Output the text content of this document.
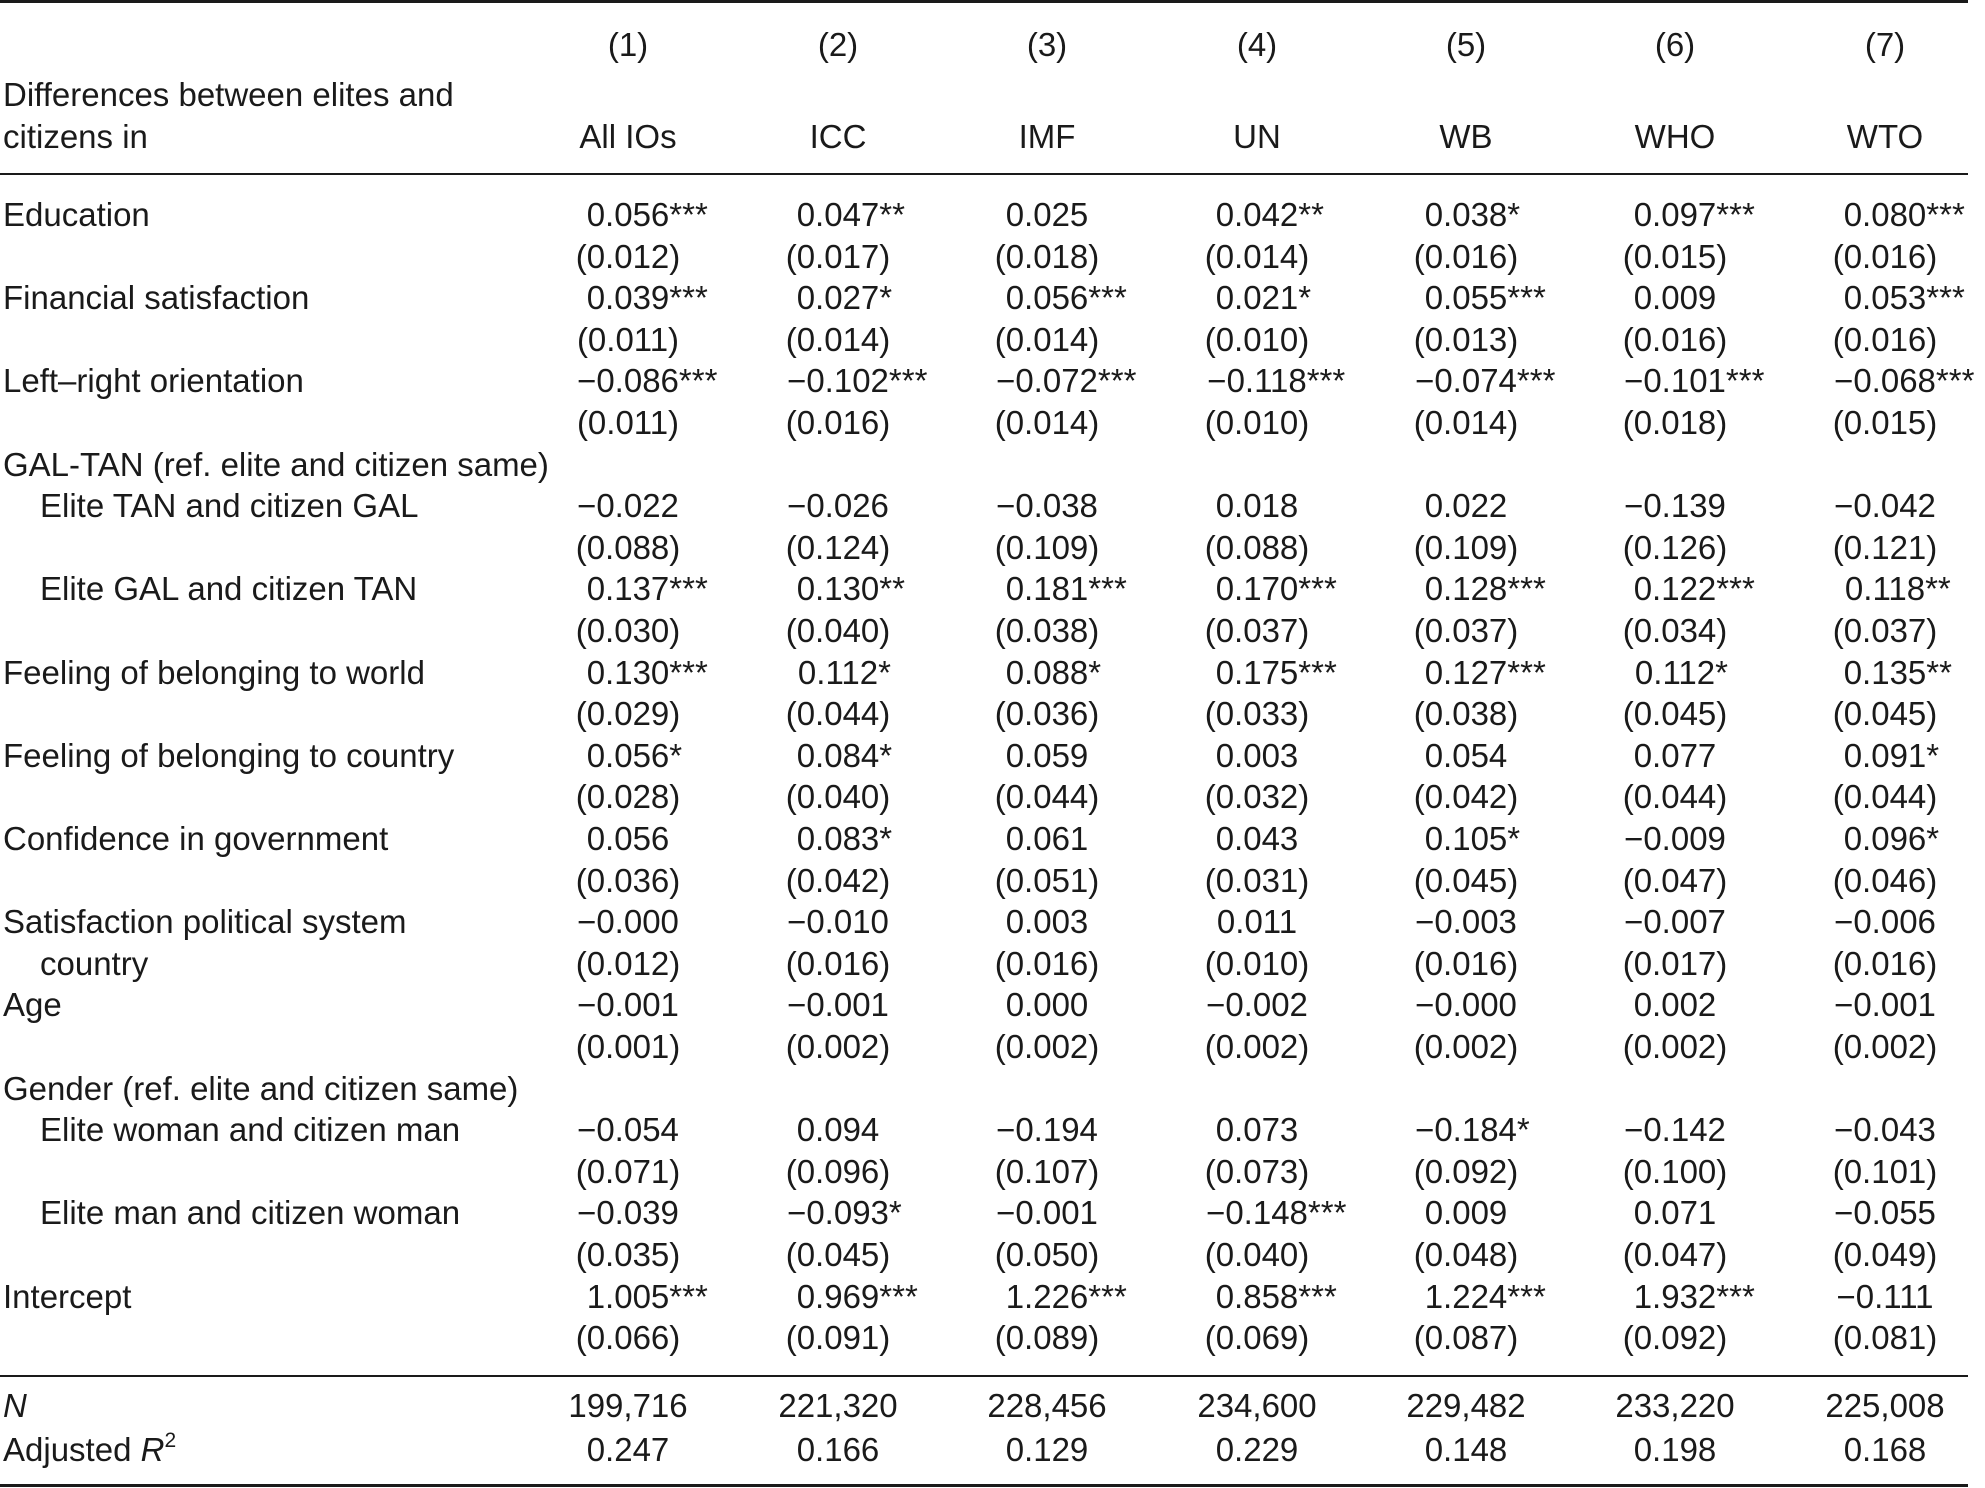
(1)	(2)	(3)	(4)	(5)	(6)	(7)
Differences between elites and
citizens in	All IOs	ICC	IMF	UN	WB	WHO	WTO
Education	0.056***	0.047**	0.025	0.042**	0.038*	0.097***	0.080***
(0.012)	(0.017)	(0.018)	(0.014)	(0.016)	(0.015)	(0.016)
Financial satisfaction	0.039***	0.027*	0.056***	0.021*	0.055***	0.009	0.053***
(0.011)	(0.014)	(0.014)	(0.010)	(0.013)	(0.016)	(0.016)
Left–right orientation	−0.086***	−0.102***	−0.072***	−0.118***	−0.074***	−0.101***	−0.068***
(0.011)	(0.016)	(0.014)	(0.010)	(0.014)	(0.018)	(0.015)
GAL-TAN (ref. elite and citizen same)
Elite TAN and citizen GAL	−0.022	−0.026	−0.038	0.018	0.022	−0.139	−0.042
(0.088)	(0.124)	(0.109)	(0.088)	(0.109)	(0.126)	(0.121)
Elite GAL and citizen TAN	0.137***	0.130**	0.181***	0.170***	0.128***	0.122***	0.118**
(0.030)	(0.040)	(0.038)	(0.037)	(0.037)	(0.034)	(0.037)
Feeling of belonging to world	0.130***	0.112*	0.088*	0.175***	0.127***	0.112*	0.135**
(0.029)	(0.044)	(0.036)	(0.033)	(0.038)	(0.045)	(0.045)
Feeling of belonging to country	0.056*	0.084*	0.059	0.003	0.054	0.077	0.091*
(0.028)	(0.040)	(0.044)	(0.032)	(0.042)	(0.044)	(0.044)
Confidence in government	0.056	0.083*	0.061	0.043	0.105*	−0.009	0.096*
(0.036)	(0.042)	(0.051)	(0.031)	(0.045)	(0.047)	(0.046)
Satisfaction political system	−0.000	−0.010	0.003	0.011	−0.003	−0.007	−0.006
country	(0.012)	(0.016)	(0.016)	(0.010)	(0.016)	(0.017)	(0.016)
Age	−0.001	−0.001	0.000	−0.002	−0.000	0.002	−0.001
(0.001)	(0.002)	(0.002)	(0.002)	(0.002)	(0.002)	(0.002)
Gender (ref. elite and citizen same)
Elite woman and citizen man	−0.054	0.094	−0.194	0.073	−0.184*	−0.142	−0.043
(0.071)	(0.096)	(0.107)	(0.073)	(0.092)	(0.100)	(0.101)
Elite man and citizen woman	−0.039	−0.093*	−0.001	−0.148***	0.009	0.071	−0.055
(0.035)	(0.045)	(0.050)	(0.040)	(0.048)	(0.047)	(0.049)
Intercept	1.005***	0.969***	1.226***	0.858***	1.224***	1.932***	−0.111
(0.066)	(0.091)	(0.089)	(0.069)	(0.087)	(0.092)	(0.081)
N	199,716	221,320	228,456	234,600	229,482	233,220	225,008
Adjusted $R^2$	0.247	0.166	0.129	0.229	0.148	0.198	0.168
